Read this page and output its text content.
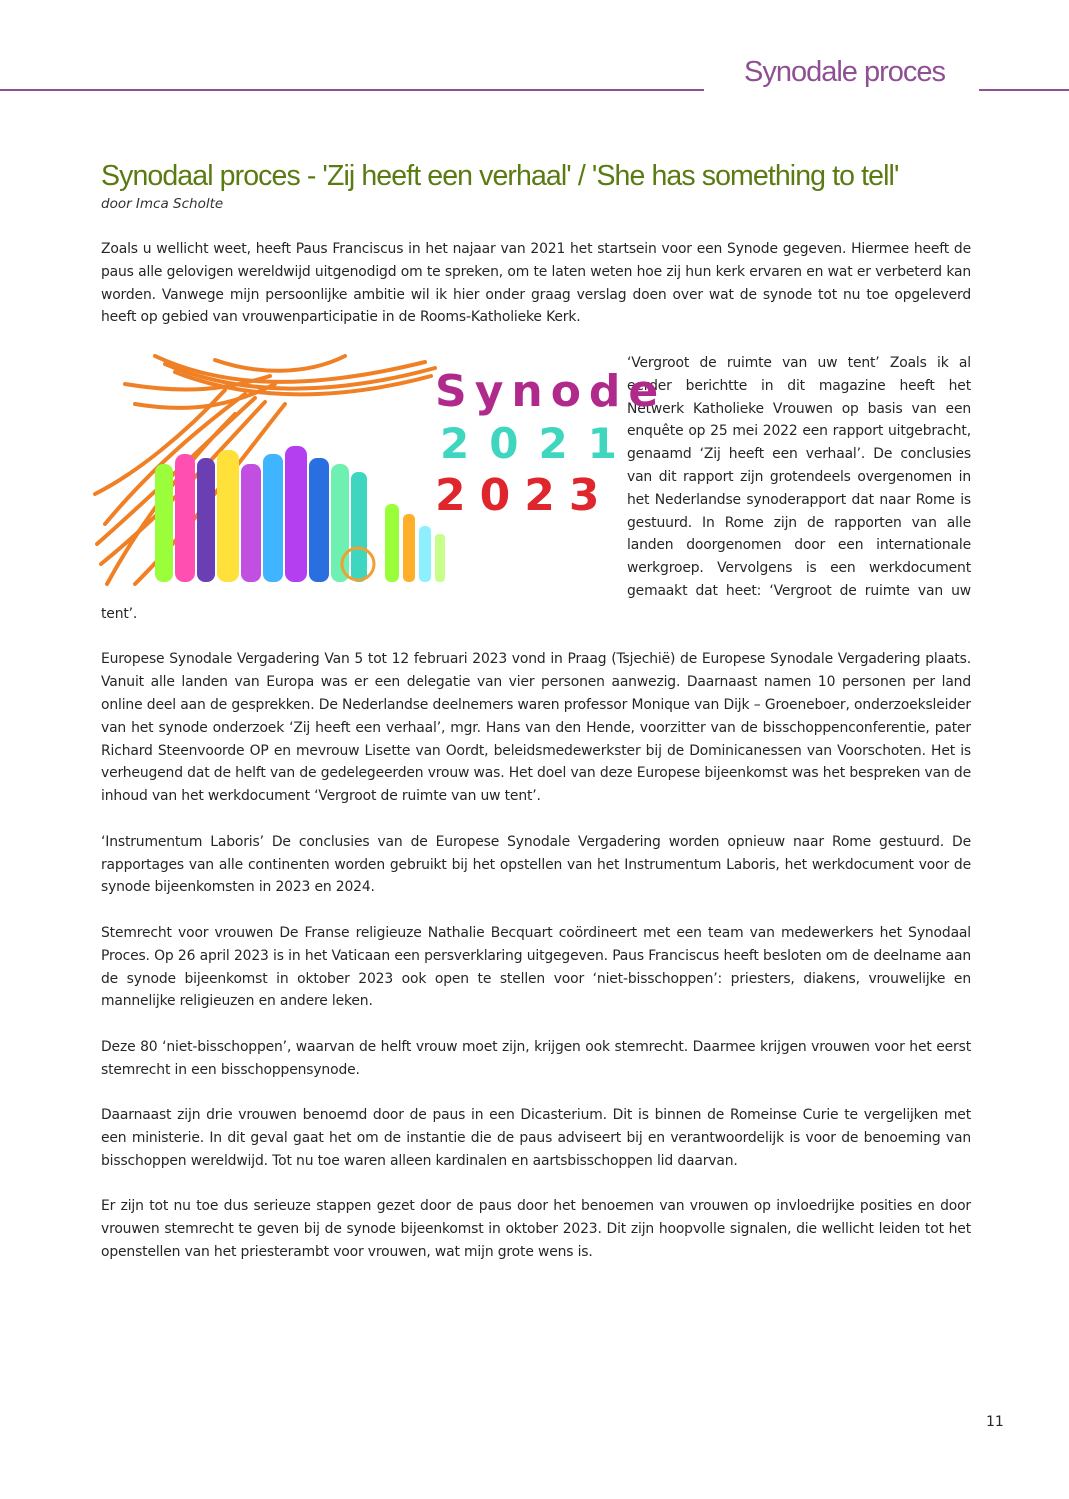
Synodale proces
Synodaal proces - 'Zij heeft een verhaal' / 'She has something to tell'
door Imca Scholte

Zoals u wellicht weet, heeft Paus Franciscus in het najaar van 2021 het startsein voor een Synode gegeven. Hiermee heeft de paus alle gelovigen wereldwijd uitgenodigd om te spreken, om te laten weten hoe zij hun kerk ervaren en wat er verbeterd kan worden. Vanwege mijn persoonlijke ambitie wil ik hier onder graag verslag doen over wat de synode tot nu toe opgeleverd heeft op gebied van vrouwenparticipatie in de Rooms-Katholieke Kerk.

Synode
2021
2023

‘Vergroot de ruimte van uw tent’ Zoals ik al eerder berichtte in dit magazine heeft het Netwerk Katholieke Vrouwen op basis van een enquête op 25 mei 2022 een rapport uitgebracht, genaamd ‘Zij heeft een verhaal’. De conclusies van dit rapport zijn grotendeels overgenomen in het Nederlandse synoderapport dat naar Rome is gestuurd. In Rome zijn de rapporten van alle landen doorgenomen door een internationale werkgroep. Vervolgens is een werkdocument gemaakt dat heet: ‘Vergroot de ruimte van uw tent’.

Europese Synodale Vergadering Van 5 tot 12 februari 2023 vond in Praag (Tsjechië) de Europese Synodale Vergadering plaats. Vanuit alle landen van Europa was er een delegatie van vier personen aanwezig. Daarnaast namen 10 personen per land online deel aan de gesprekken. De Nederlandse deelnemers waren professor Monique van Dijk – Groeneboer, onderzoeksleider van het synode onderzoek ‘Zij heeft een verhaal’, mgr. Hans van den Hende, voorzitter van de bisschoppenconferentie, pater Richard Steenvoorde OP en mevrouw Lisette van Oordt, beleidsmedewerkster bij de Dominicanessen van Voorschoten. Het is verheugend dat de helft van de gedelegeerden vrouw was. Het doel van deze Europese bijeenkomst was het bespreken van de inhoud van het werkdocument ‘Vergroot de ruimte van uw tent’.

‘Instrumentum Laboris’ De conclusies van de Europese Synodale Vergadering worden opnieuw naar Rome gestuurd. De rapportages van alle continenten worden gebruikt bij het opstellen van het Instrumentum Laboris, het werkdocument voor de synode bijeenkomsten in 2023 en 2024.

Stemrecht voor vrouwen De Franse religieuze Nathalie Becquart coördineert met een team van medewerkers het Synodaal Proces. Op 26 april 2023 is in het Vaticaan een persverklaring uitgegeven. Paus Franciscus heeft besloten om de deelname aan de synode bijeenkomst in oktober 2023 ook open te stellen voor ‘niet-bisschoppen’: priesters, diakens, vrouwelijke en mannelijke religieuzen en andere leken.

Deze 80 ‘niet-bisschoppen’, waarvan de helft vrouw moet zijn, krijgen ook stemrecht. Daarmee krijgen vrouwen voor het eerst stemrecht in een bisschoppensynode.

Daarnaast zijn drie vrouwen benoemd door de paus in een Dicasterium. Dit is binnen de Romeinse Curie te vergelijken met een ministerie. In dit geval gaat het om de instantie die de paus adviseert bij en verantwoordelijk is voor de benoeming van bisschoppen wereldwijd. Tot nu toe waren alleen kardinalen en aartsbisschoppen lid daarvan.

Er zijn tot nu toe dus serieuze stappen gezet door de paus door het benoemen van vrouwen op invloedrijke posities en door vrouwen stemrecht te geven bij de synode bijeenkomst in oktober 2023. Dit zijn hoopvolle signalen, die wellicht leiden tot het openstellen van het priesterambt voor vrouwen, wat mijn grote wens is.

11
